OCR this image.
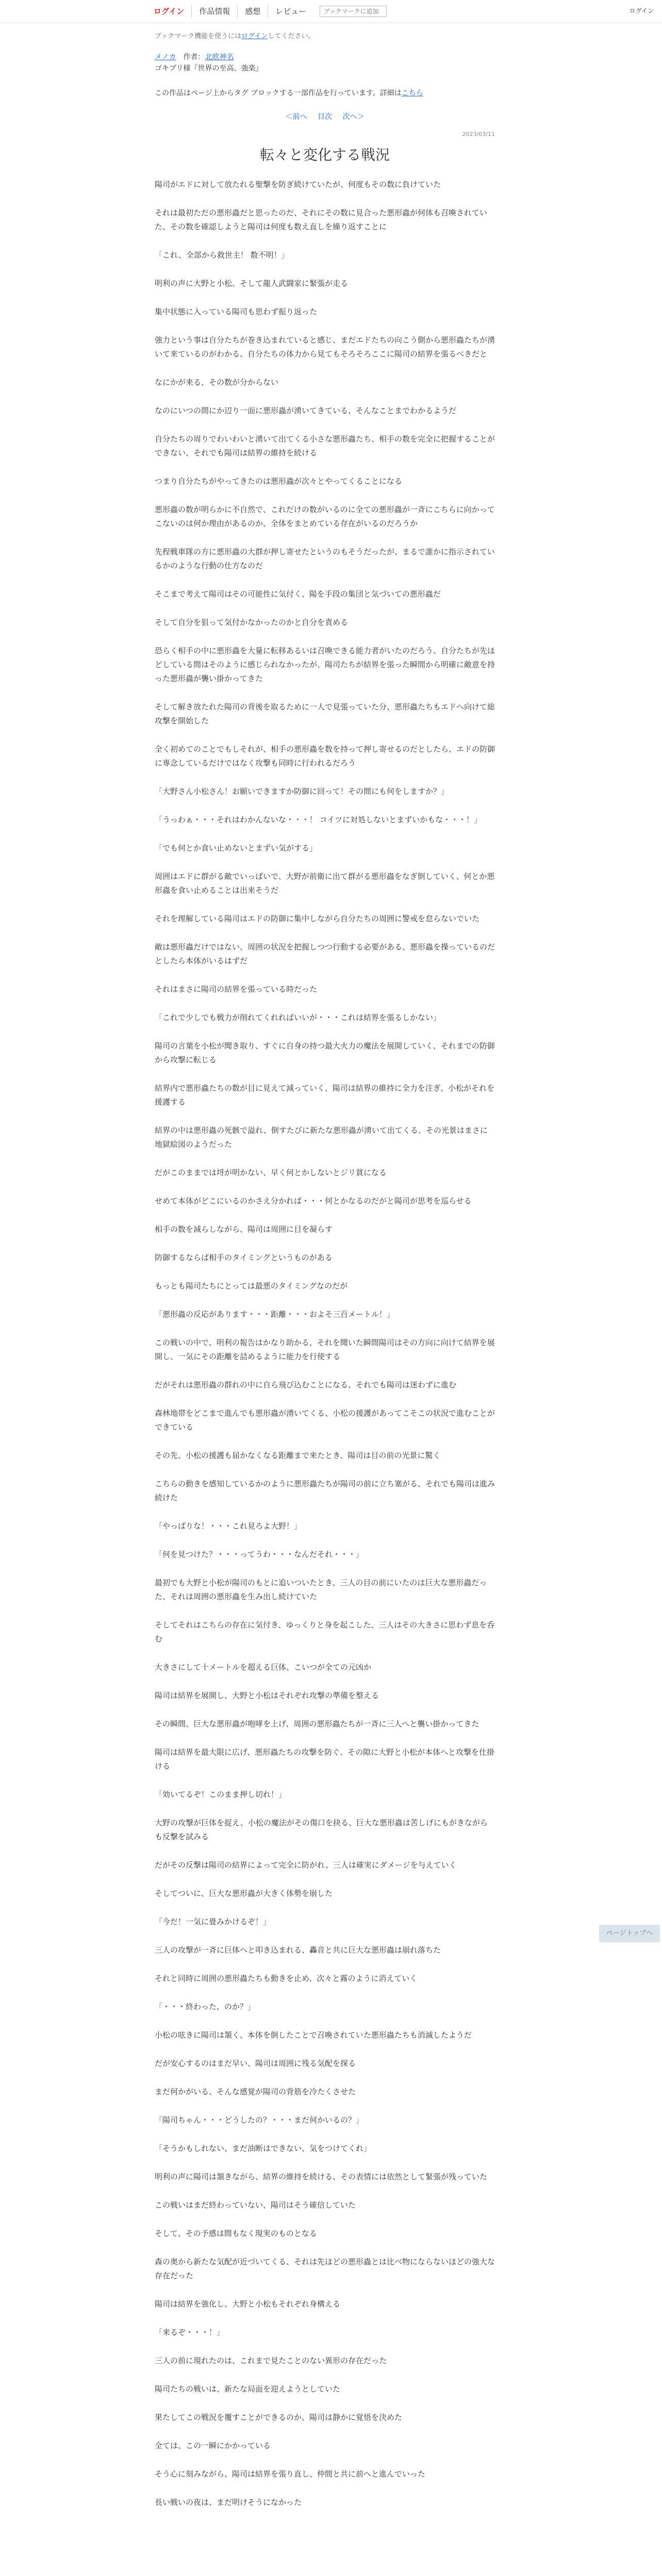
ログイン	作品情報	感想	レビュー
ブックマークに追加	ログイン
ブックマーク機能を使うにはログインしてください。
メノカ 作者：北欧神名
ゴキブリ様『世界の至高、強楽』
この作品はページ上からタグ ブロックする一部作品を行っています。詳細はこちら
＜前へ 目次 次へ＞
2023/03/11
転々と変化する戦況

陽司がエドに対して放たれる聖撃を防ぎ続けていたが、何度もその数に負けていた

それは最初ただの悪形蟲だと思ったのだ、それにその数に見合った悪形蟲が何体も召喚されていた、その数を確認しようと陽司は何度も数え直しを繰り返すことに

「これ、全部から救世主！ 数不明！」

明利の声に大野と小松、そして龍人武闘家に緊張が走る

集中状態に入っている陽司も思わず振り返った

強力という事は自分たちが巻き込まれていると感じ、まだエドたちの向こう側から悪形蟲たちが湧いて来ているのがわかる、自分たちの体力から見てもそろそろここに陽司の結界を張るべきだと

なにかが来る、その数が分からない

なのにいつの間にか辺り一面に悪形蟲が湧いてきている、そんなことまでわかるようだ

自分たちの周りでわいわいと湧いて出てくる小さな悪形蟲たち、相手の数を完全に把握することができない、それでも陽司は結界の維持を続ける

つまり自分たちがやってきたのは悪形蟲が次々とやってくることになる

悪形蟲の数が明らかに不自然で、これだけの数がいるのに全ての悪形蟲が一斉にこちらに向かってこないのは何か理由があるのか、全体をまとめている存在がいるのだろうか

先程戦車隊の方に悪形蟲の大群が押し寄せたというのもそうだったが、まるで誰かに指示されているかのような行動の仕方なのだ

そこまで考えて陽司はその可能性に気付く、陽を手段の集団と気づいての悪形蟲だ

そして自分を狙って気付かなかったのかと自分を責める

恐らく相手の中に悪形蟲を大量に転移あるいは召喚できる能力者がいたのだろう、自分たちが先ほどしている間はそのように感じられなかったが、陽司たちが結界を張った瞬間から明確に敵意を持った悪形蟲が襲い掛かってきた

そして解き放たれた陽司の背後を取るために一人で見張っていた分、悪形蟲たちもエドへ向けて総攻撃を開始した

全く初めてのことでもしそれが、相手の悪形蟲を数を持って押し寄せるのだとしたら、エドの防御に専念しているだけではなく攻撃も同時に行われるだろう

「大野さん小松さん！お願いできますか防御に回って！その間にも何をしますか？」

「うっわぁ・・・それはわかんないな・・・！ コイツに対処しないとまずいかもな・・・！」

「でも何とか食い止めないとまずい気がする」

周囲はエドに群がる敵でいっぱいで、大野が前衛に出て群がる悪形蟲をなぎ倒していく、何とか悪形蟲を食い止めることは出来そうだ

それを理解している陽司はエドの防御に集中しながら自分たちの周囲に警戒を怠らないでいた

敵は悪形蟲だけではない、周囲の状況を把握しつつ行動する必要がある、悪形蟲を操っているのだとしたら本体がいるはずだ

それはまさに陽司の結界を張っている時だった

「これで少しでも戦力が削れてくれればいいが・・・これは結界を張るしかない」

陽司の言葉を小松が聞き取り、すぐに自身の持つ最大火力の魔法を展開していく、それまでの防御から攻撃に転じる

結界内で悪形蟲たちの数が目に見えて減っていく、陽司は結界の維持に全力を注ぎ、小松がそれを援護する

結界の中は悪形蟲の死骸で溢れ、倒すたびに新たな悪形蟲が湧いて出てくる、その光景はまさに地獄絵図のようだった

だがこのままでは埒が明かない、早く何とかしないとジリ貧になる

せめて本体がどこにいるのかさえ分かれば・・・何とかなるのだがと陽司が思考を巡らせる

相手の数を減らしながら、陽司は周囲に目を凝らす

防御するならば相手のタイミングというものがある

もっとも陽司たちにとっては最悪のタイミングなのだが

「悪形蟲の反応があります・・・距離・・・およそ三百メートル！」

この戦いの中で、明利の報告はかなり助かる、それを聞いた瞬間陽司はその方向に向けて結界を展開し、一気にその距離を詰めるように能力を行使する

だがそれは悪形蟲の群れの中に自ら飛び込むことになる、それでも陽司は迷わずに進む

森林地帯をどこまで進んでも悪形蟲が湧いてくる、小松の援護があってこそこの状況で進むことができている

その先、小松の援護も届かなくなる距離まで来たとき、陽司は目の前の光景に驚く

こちらの動きを感知しているかのように悪形蟲たちが陽司の前に立ち塞がる、それでも陽司は進み続けた

「やっぱりな！・・・これ見ろよ大野！」

「何を見つけた？・・・ってうわ・・・なんだそれ・・・」

最初でも大野と小松が陽司のもとに追いついたとき、三人の目の前にいたのは巨大な悪形蟲だった、それは周囲の悪形蟲を生み出し続けていた

そしてそれはこちらの存在に気付き、ゆっくりと身を起こした、三人はその大きさに思わず息を呑む

大きさにして十メートルを超える巨体、こいつが全ての元凶か

陽司は結界を展開し、大野と小松はそれぞれ攻撃の準備を整える

その瞬間、巨大な悪形蟲が咆哮を上げ、周囲の悪形蟲たちが一斉に三人へと襲い掛かってきた

陽司は結界を最大限に広げ、悪形蟲たちの攻撃を防ぐ、その隙に大野と小松が本体へと攻撃を仕掛ける

「効いてるぞ！このまま押し切れ！」

大野の攻撃が巨体を捉え、小松の魔法がその傷口を抉る、巨大な悪形蟲は苦しげにもがきながらも反撃を試みる

だがその反撃は陽司の結界によって完全に防がれ、三人は確実にダメージを与えていく

そしてついに、巨大な悪形蟲が大きく体勢を崩した

「今だ！一気に畳みかけるぞ！」

三人の攻撃が一斉に巨体へと叩き込まれる、轟音と共に巨大な悪形蟲は崩れ落ちた

それと同時に周囲の悪形蟲たちも動きを止め、次々と霧のように消えていく

「・・・終わった、のか？」

小松の呟きに陽司は頷く、本体を倒したことで召喚されていた悪形蟲たちも消滅したようだ

だが安心するのはまだ早い、陽司は周囲に残る気配を探る

まだ何かがいる、そんな感覚が陽司の背筋を冷たくさせた

「陽司ちゃん・・・どうしたの？・・・まだ何かいるの？」

「そうかもしれない、まだ油断はできない、気をつけてくれ」

明利の声に陽司は頷きながら、結界の維持を続ける、その表情には依然として緊張が残っていた

この戦いはまだ終わっていない、陽司はそう確信していた

そして、その予感は間もなく現実のものとなる

森の奥から新たな気配が近づいてくる、それは先ほどの悪形蟲とは比べ物にならないほどの強大な存在だった

陽司は結界を強化し、大野と小松もそれぞれ身構える

「来るぞ・・・！」

三人の前に現れたのは、これまで見たことのない異形の存在だった

陽司たちの戦いは、新たな局面を迎えようとしていた

果たしてこの戦況を覆すことができるのか、陽司は静かに覚悟を決めた

全ては、この一瞬にかかっている

そう心に刻みながら、陽司は結界を張り直し、仲間と共に前へと進んでいった

長い戦いの夜は、まだ明けそうになかった

ページトップへ
